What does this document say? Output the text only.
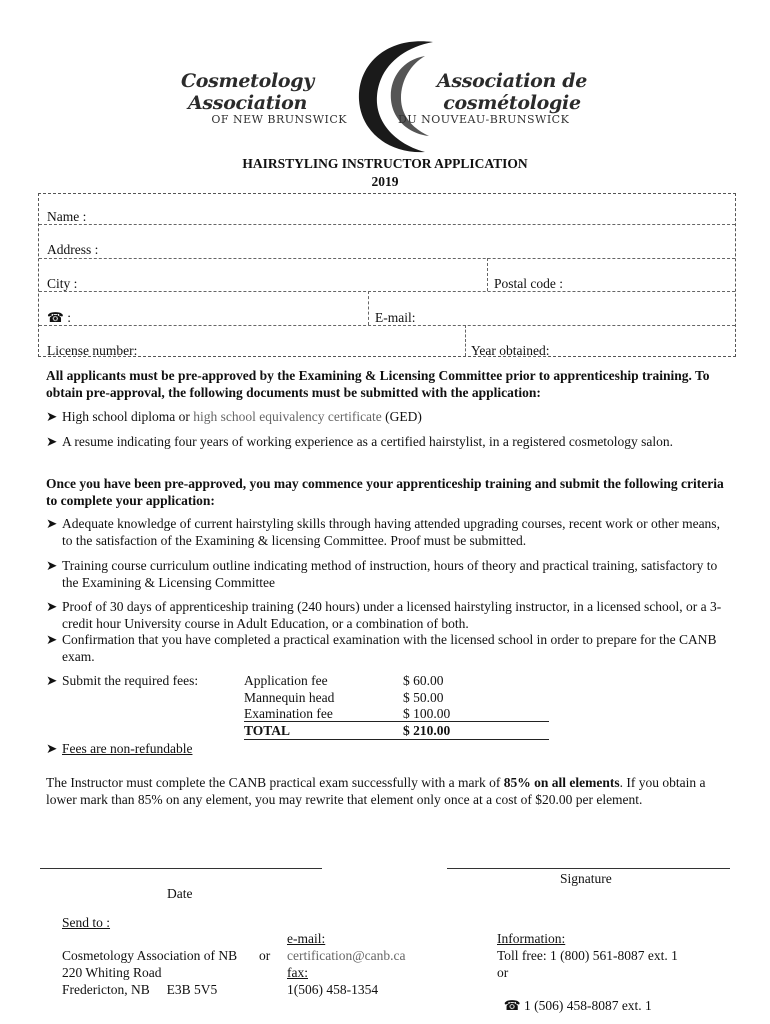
Cosmetology Association
OF NEW BRUNSWICK
Association de cosmétologie
DU NOUVEAU-BRUNSWICK
HAIRSTYLING INSTRUCTOR APPLICATION
2019
Name :
Address :
City :	Postal code :
☎ :	E-mail:
License number:	Year obtained:
All applicants must be pre-approved by the Examining & Licensing Committee prior to apprenticeship training. To obtain pre-approval, the following documents must be submitted with the application:
➤ High school diploma or high school equivalency certificate (GED)
➤ A resume indicating four years of working experience as a certified hairstylist, in a registered cosmetology salon.
Once you have been pre-approved, you may commence your apprenticeship training and submit the following criteria to complete your application:
➤ Adequate knowledge of current hairstyling skills through having attended upgrading courses, recent work or other means, to the satisfaction of the Examining & licensing Committee. Proof must be submitted.
➤ Training course curriculum outline indicating method of instruction, hours of theory and practical training, satisfactory to the Examining & Licensing Committee
➤ Proof of 30 days of apprenticeship training (240 hours) under a licensed hairstyling instructor, in a licensed school, or a 3-credit hour University course in Adult Education, or a combination of both.
➤ Confirmation that you have completed a practical examination with the licensed school in order to prepare for the CANB exam.
➤ Submit the required fees:	Application fee	$ 60.00
Mannequin head	$ 50.00
Examination fee	$ 100.00
TOTAL	$ 210.00
➤ Fees are non-refundable
The Instructor must complete the CANB practical exam successfully with a mark of 85% on all elements. If you obtain a lower mark than 85% on any element, you may rewrite that element only once at a cost of $20.00 per element.
Date
Signature
Send to :
Cosmetology Association of NB or
220 Whiting Road
Fredericton, NB     E3B 5V5
e-mail:
certification@canb.ca
fax:
1(506) 458-1354
Information:
Toll free: 1 (800) 561-8087 ext. 1
or

☎ 1 (506) 458-8087 ext. 1
